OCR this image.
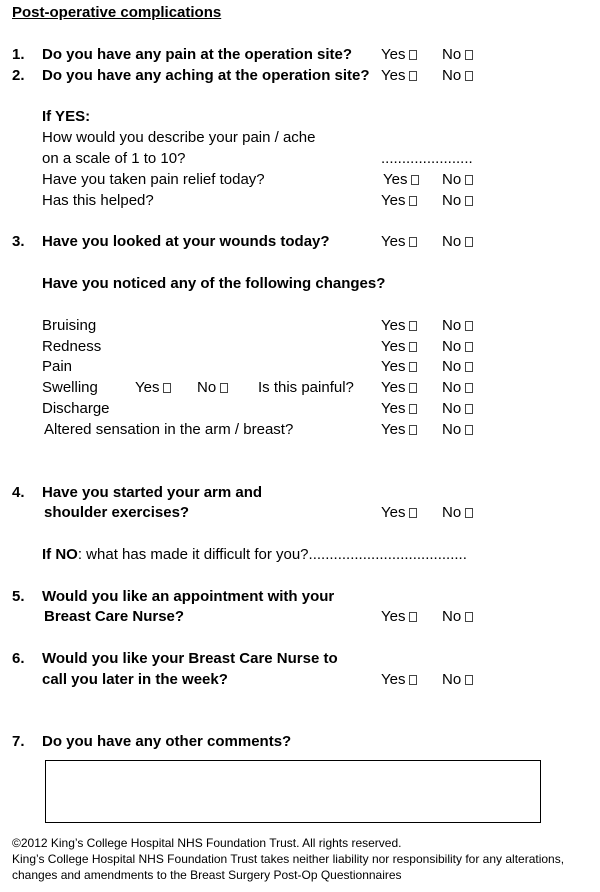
Post-operative complications
1. Do you have any pain at the operation site? Yes	No
2. Do you have any aching at the operation site? Yes	No
If YES:
How would you describe your pain / ache
on a scale of 1 to 10?	......................
Have you taken pain relief today?	Yes	No
Has this helped?	Yes	No
3. Have you looked at your wounds today?	Yes	No
Have you noticed any of the following changes?
Bruising	Yes	No
Redness	Yes	No
Pain	Yes	No
Swelling Yes	No	Is this painful? Yes	No
Discharge	Yes	No
Altered sensation in the arm / breast?	Yes	No
4. Have you started your arm and
shoulder exercises?	Yes	No
If NO: what has made it difficult for you?......................................
5. Would you like an appointment with your
Breast Care Nurse?	Yes	No
6. Would you like your Breast Care Nurse to
call you later in the week?	Yes	No
7. Do you have any other comments?
©2012 King’s College Hospital NHS Foundation Trust. All rights reserved.
King’s College Hospital NHS Foundation Trust takes neither liability nor responsibility for any alterations,
changes and amendments to the Breast Surgery Post-Op Questionnaires
